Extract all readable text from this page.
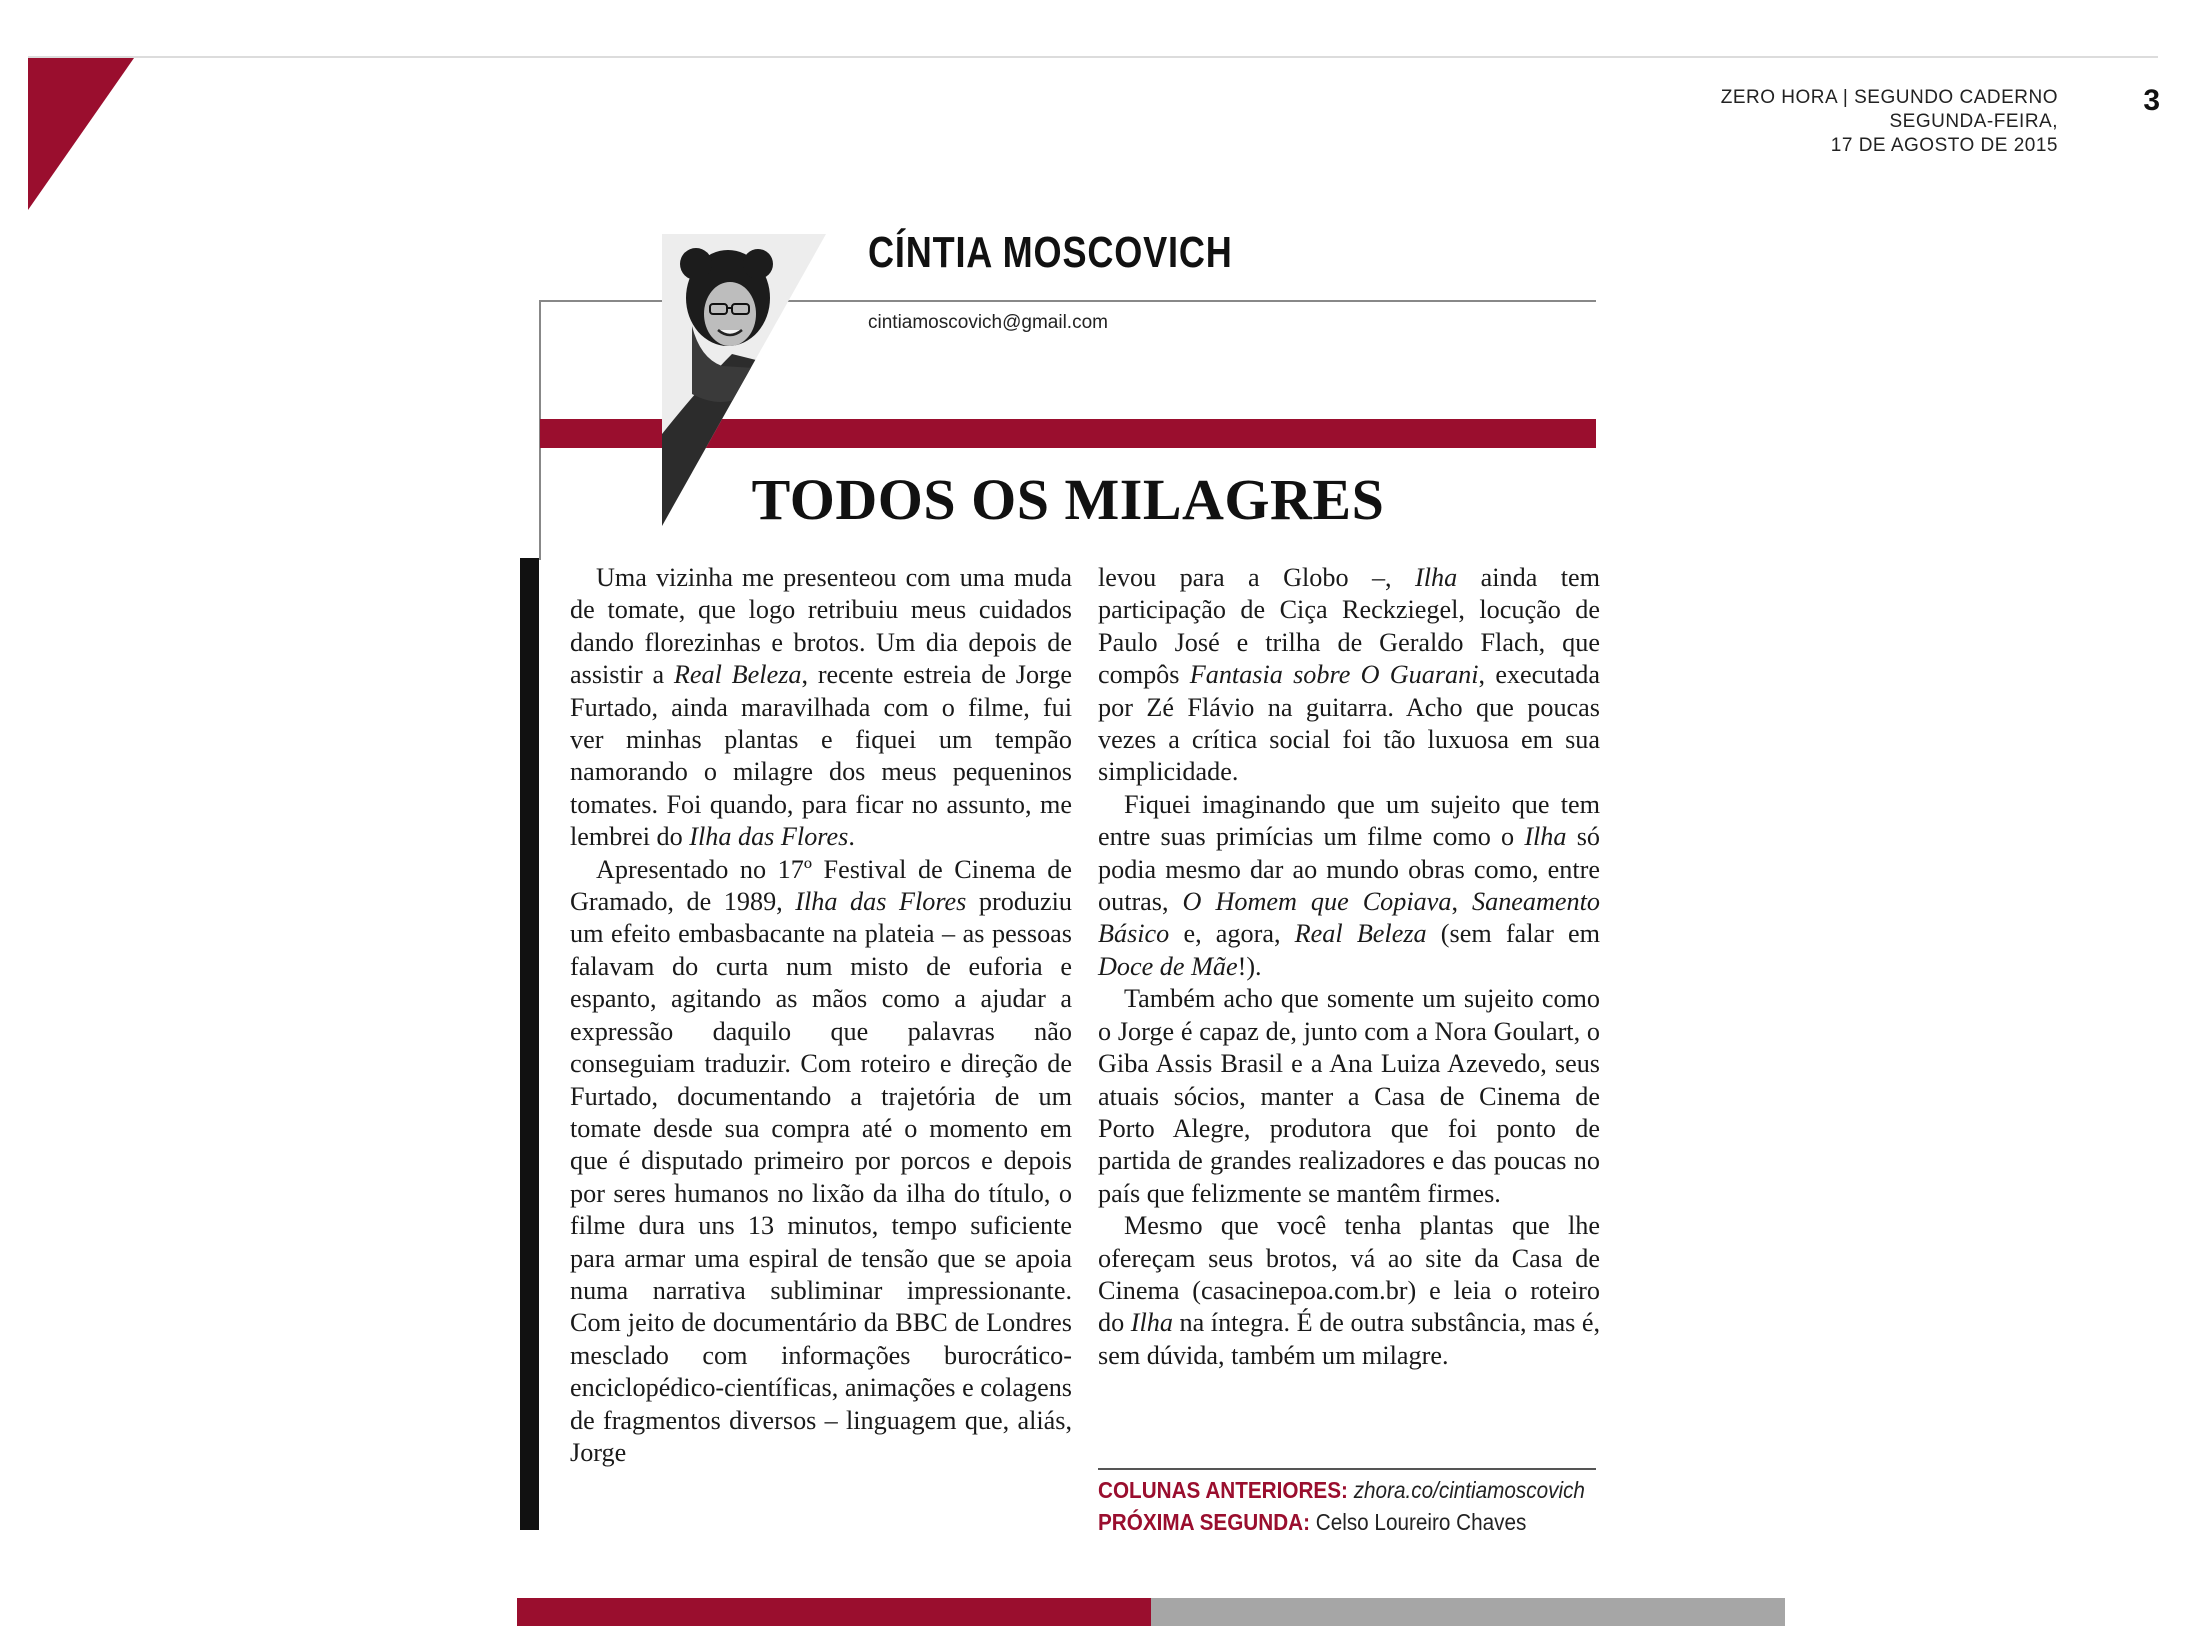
ZERO HORA | SEGUNDO CADERNO
SEGUNDA-FEIRA,
17 DE AGOSTO DE 2015
3
CÍNTIA MOSCOVICH
cintiamoscovich@gmail.com
TODOS OS MILAGRES

Uma vizinha me presenteou com uma muda de tomate, que logo retribuiu meus cuidados dando florezinhas e brotos. Um dia depois de assistir a Real Beleza, recente estreia de Jorge Furtado, ainda maravilhada com o filme, fui ver minhas plantas e fiquei um tempão namorando o milagre dos meus pequeninos tomates. Foi quando, para ficar no assunto, me lembrei do Ilha das Flores.

Apresentado no 17º Festival de Cinema de Gramado, de 1989, Ilha das Flores produziu um efeito embasbacante na plateia – as pessoas falavam do curta num misto de euforia e espanto, agitando as mãos como a ajudar a expressão daquilo que palavras não conseguiam traduzir. Com roteiro e direção de Furtado, documentando a trajetória de um tomate desde sua compra até o momento em que é disputado primeiro por porcos e depois por seres humanos no lixão da ilha do título, o filme dura uns 13 minutos, tempo suficiente para armar uma espiral de tensão que se apoia numa narrativa subliminar impressionante. Com jeito de documentário da BBC de Londres mesclado com informações burocrático-enciclopédico-científicas, animações e colagens de fragmentos diversos – linguagem que, aliás, Jorge

levou para a Globo –, Ilha ainda tem participação de Ciça Reckziegel, locução de Paulo José e trilha de Geraldo Flach, que compôs Fantasia sobre O Guarani, executada por Zé Flávio na guitarra. Acho que poucas vezes a crítica social foi tão luxuosa em sua simplicidade.

Fiquei imaginando que um sujeito que tem entre suas primícias um filme como o Ilha só podia mesmo dar ao mundo obras como, entre outras, O Homem que Copiava, Saneamento Básico e, agora, Real Beleza (sem falar em Doce de Mãe!).

Também acho que somente um sujeito como o Jorge é capaz de, junto com a Nora Goulart, o Giba Assis Brasil e a Ana Luiza Azevedo, seus atuais sócios, manter a Casa de Cinema de Porto Alegre, produtora que foi ponto de partida de grandes realizadores e das poucas no país que felizmente se mantêm firmes.

Mesmo que você tenha plantas que lhe ofereçam seus brotos, vá ao site da Casa de Cinema (casacinepoa.com.br) e leia o roteiro do Ilha na íntegra. É de outra substância, mas é, sem dúvida, também um milagre.

COLUNAS ANTERIORES: zhora.co/cintiamoscovich
PRÓXIMA SEGUNDA: Celso Loureiro Chaves
